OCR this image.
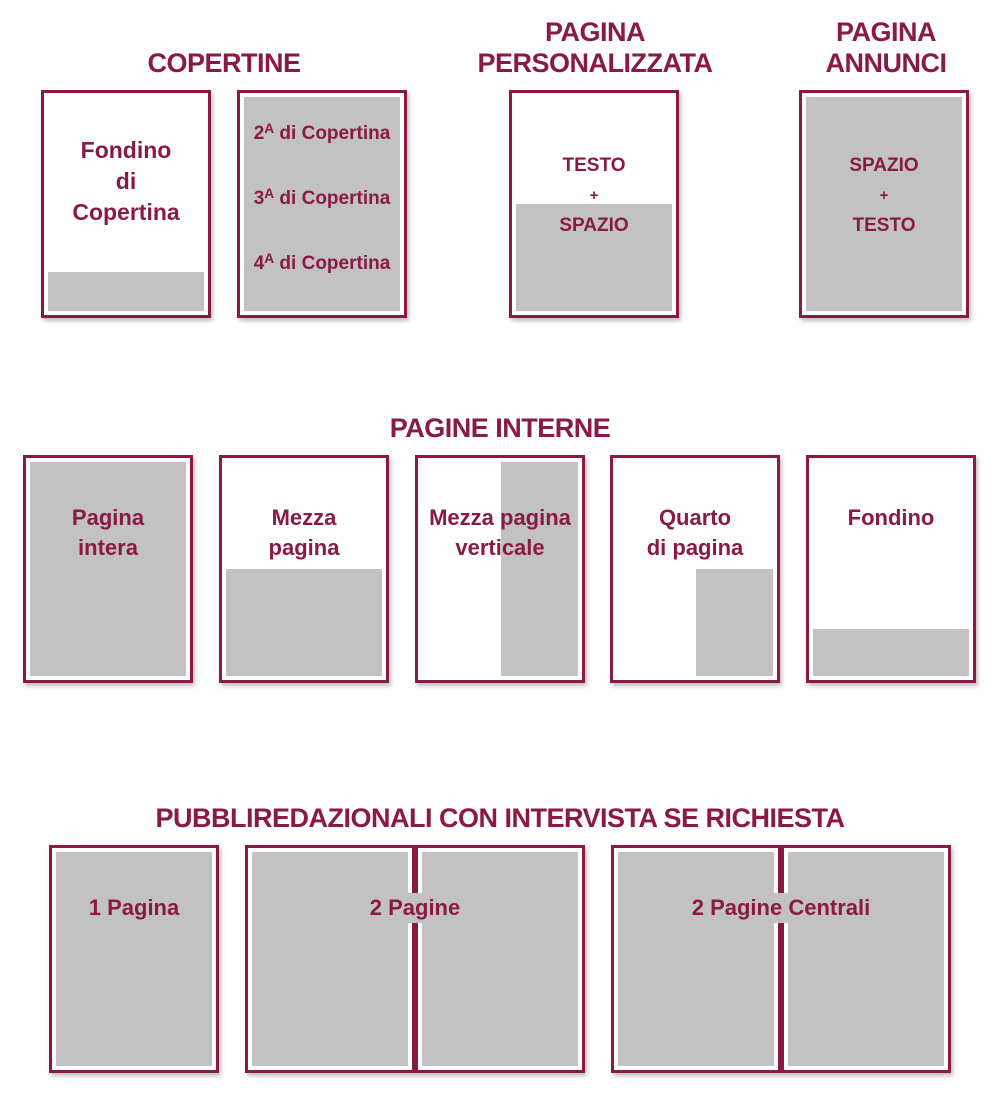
COPERTINE
PAGINA
PERSONALIZZATA
PAGINA
ANNUNCI
Fondino
di
Copertina
$2^A$ di Copertina
$3^A$ di Copertina
$4^A$ di Copertina
TESTO
+
SPAZIO
SPAZIO
+
TESTO
PAGINE INTERNE
Pagina
intera
Mezza
pagina
Mezza pagina
verticale
Quarto
di pagina
Fondino
PUBBLIREDAZIONALI CON INTERVISTA SE RICHIESTA
1 Pagina	2 Pagine	2 Pagine Centrali
